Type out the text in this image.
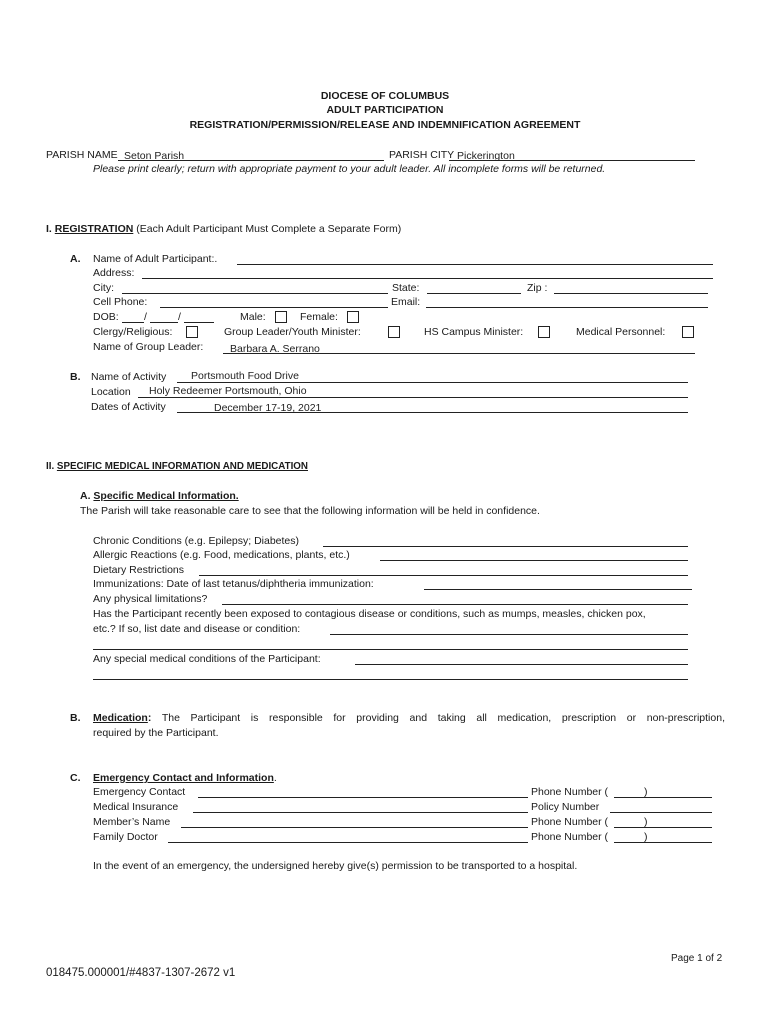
DIOCESE OF COLUMBUS
ADULT PARTICIPATION
REGISTRATION/PERMISSION/RELEASE AND INDEMNIFICATION AGREEMENT
PARISH NAME Seton Parish	PARISH CITY Pickerington
Please print clearly; return with appropriate payment to your adult leader. All incomplete forms will be returned.
I. REGISTRATION (Each Adult Participant Must Complete a Separate Form)
A. Name of Adult Participant:.
Address:
City:	State:	Zip :
Cell Phone:	Email:
DOB: /	/	Male:	Female:
Clergy/Religious:	Group Leader/Youth Minister:	HS Campus Minister:	Medical Personnel:
Name of Group Leader:	Barbara A. Serrano
B. Name of Activity Portsmouth Food Drive
Location Holy Redeemer Portsmouth, Ohio
Dates of Activity	December 17-19, 2021
II. SPECIFIC MEDICAL INFORMATION AND MEDICATION
A. Specific Medical Information.
The Parish will take reasonable care to see that the following information will be held in confidence.
Chronic Conditions (e.g. Epilepsy; Diabetes)
Allergic Reactions (e.g. Food, medications, plants, etc.)
Dietary Restrictions
Immunizations: Date of last tetanus/diphtheria immunization:
Any physical limitations?
Has the Participant recently been exposed to contagious disease or conditions, such as mumps, measles, chicken pox,
etc.? If so, list date and disease or condition:
Any special medical conditions of the Participant:
B. Medication: The Participant is responsible for providing and taking all medication, prescription or non-prescription,
required by the Participant.
C. Emergency Contact and Information.
Emergency Contact	Phone Number (	)
Medical Insurance	Policy Number
Member’s Name	Phone Number (	)
Family Doctor	Phone Number (	)
In the event of an emergency, the undersigned hereby give(s) permission to be transported to a hospital.
Page 1 of 2
018475.000001/#4837-1307-2672 v1
